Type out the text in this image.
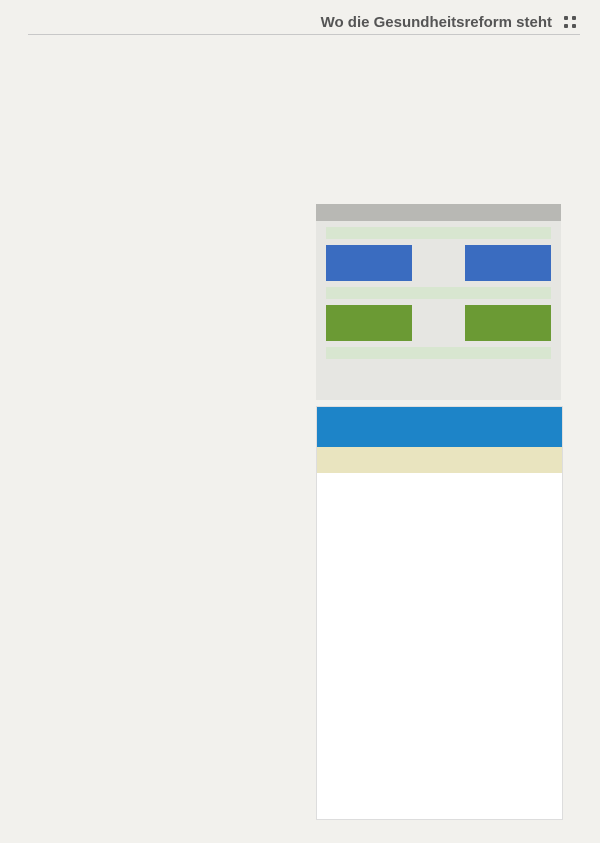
Wo die Gesundheitsreform steht
